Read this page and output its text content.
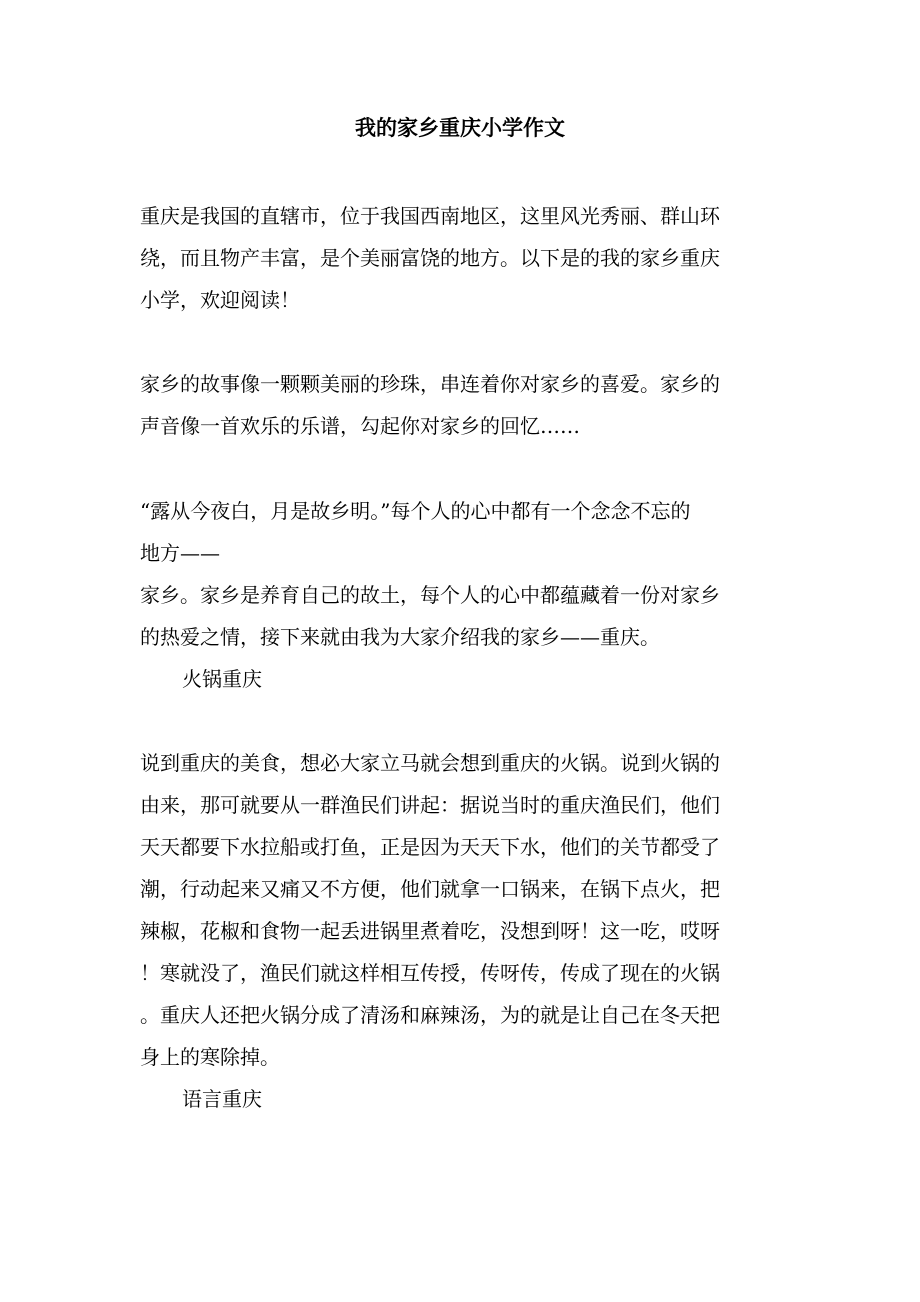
我的家乡重庆小学作文

重庆是我国的直辖市，位于我国西南地区，这里风光秀丽、群山环

绕，而且物产丰富，是个美丽富饶的地方。以下是的我的家乡重庆

小学，欢迎阅读！

家乡的故事像一颗颗美丽的珍珠，串连着你对家乡的喜爱。家乡的

声音像一首欢乐的乐谱，勾起你对家乡的回忆……

“露从今夜白，月是故乡明。”每个人的心中都有一个念念不忘的

地方——

家乡。家乡是养育自己的故土，每个人的心中都蕴藏着一份对家乡

的热爱之情，接下来就由我为大家介绍我的家乡——重庆。

火锅重庆

说到重庆的美食，想必大家立马就会想到重庆的火锅。说到火锅的

由来，那可就要从一群渔民们讲起：据说当时的重庆渔民们，他们

天天都要下水拉船或打鱼，正是因为天天下水，他们的关节都受了

潮，行动起来又痛又不方便，他们就拿一口锅来，在锅下点火，把

辣椒，花椒和食物一起丢进锅里煮着吃，没想到呀！这一吃，哎呀

！寒就没了，渔民们就这样相互传授，传呀传，传成了现在的火锅

。重庆人还把火锅分成了清汤和麻辣汤，为的就是让自己在冬天把

身上的寒除掉。

语言重庆
